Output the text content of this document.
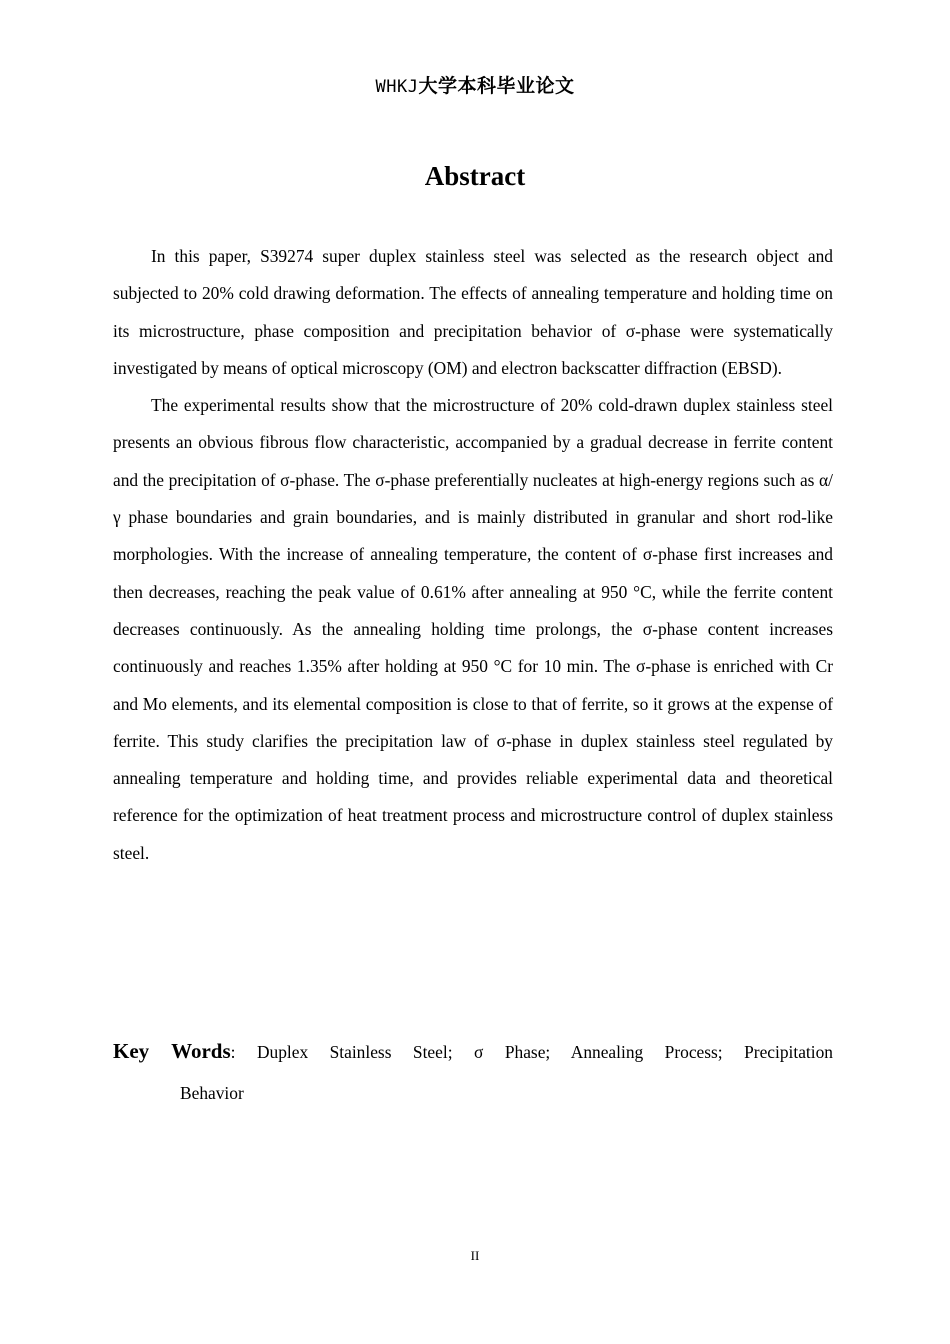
WHKJ大学本科毕业论文
Abstract

In this paper, S39274 super duplex stainless steel was selected as the research object and subjected to 20% cold drawing deformation. The effects of annealing temperature and holding time on its microstructure, phase composition and precipitation behavior of σ-phase were systematically investigated by means of optical microscopy (OM) and electron backscatter diffraction (EBSD).

The experimental results show that the microstructure of 20% cold-drawn duplex stainless steel presents an obvious fibrous flow characteristic, accompanied by a gradual decrease in ferrite content and the precipitation of σ-phase. The σ-phase preferentially nucleates at high-energy regions such as α/γ phase boundaries and grain boundaries, and is mainly distributed in granular and short rod-like morphologies. With the increase of annealing temperature, the content of σ-phase first increases and then decreases, reaching the peak value of 0.61% after annealing at 950 °C, while the ferrite content decreases continuously. As the annealing holding time prolongs, the σ-phase content increases continuously and reaches 1.35% after holding at 950 °C for 10 min. The σ-phase is enriched with Cr and Mo elements, and its elemental composition is close to that of ferrite, so it grows at the expense of ferrite. This study clarifies the precipitation law of σ-phase in duplex stainless steel regulated by annealing temperature and holding time, and provides reliable experimental data and theoretical reference for the optimization of heat treatment process and microstructure control of duplex stainless steel.

Key Words: Duplex Stainless Steel; σ Phase; Annealing Process; Precipitation
Behavior
II
